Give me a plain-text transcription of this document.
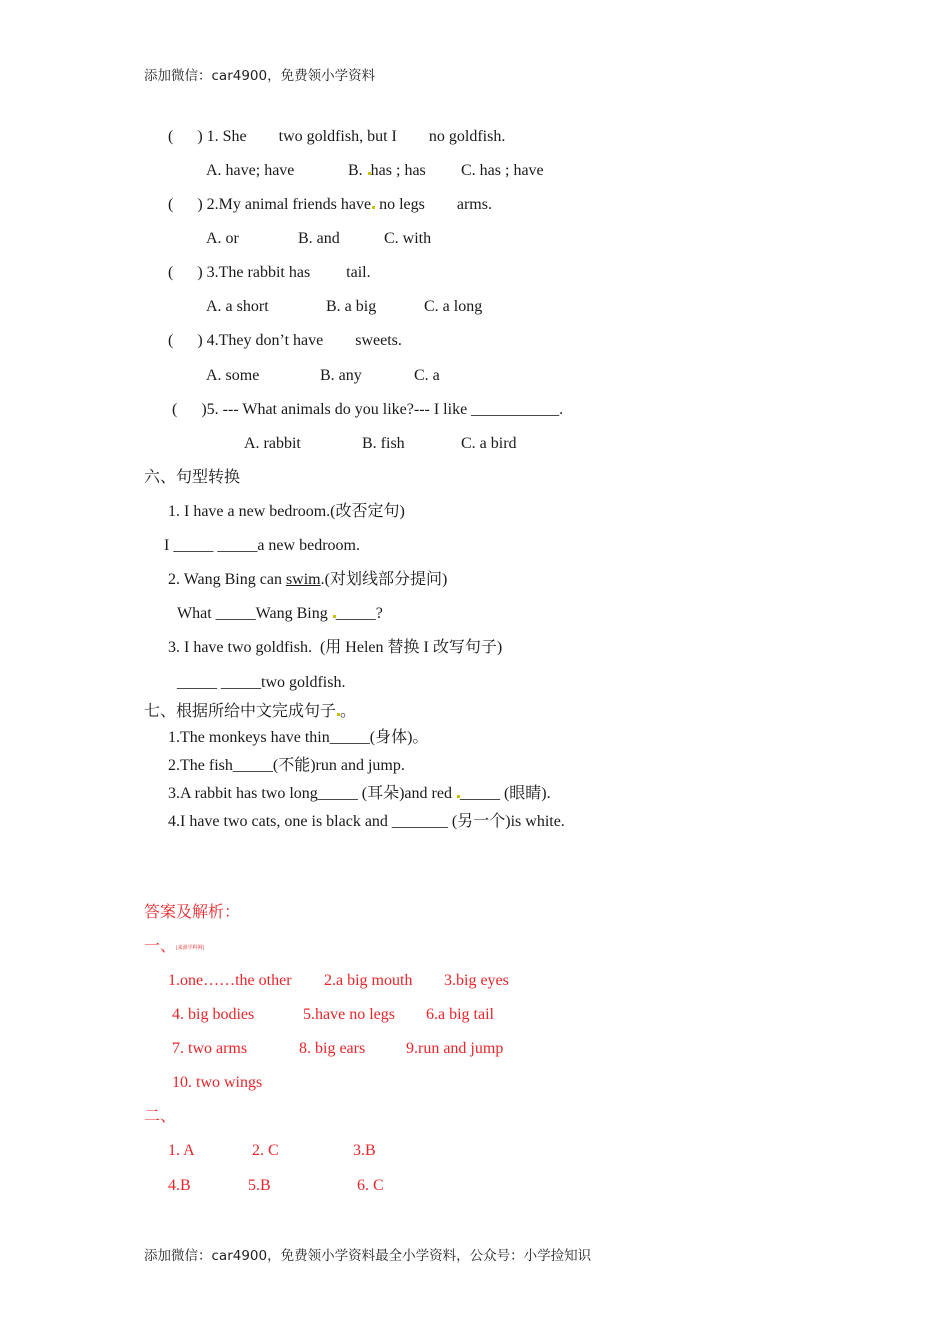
添加微信：car4900，免费领小学资料
(      ) 1. She        two goldfish, but I        no goldfish.
A. have; have	B. has ; has C. has ; have
(      ) 2.My animal friends have no legs        arms.
A. or	B. and	C. with
(      ) 3.The rabbit has         tail.
A. a short	B. a big	C. a long
(      ) 4.They don’t have        sweets.
A. some	B. any	C. a
(      )5. --- What animals do you like?--- I like ___________.
A. rabbit	B. fish	C. a bird
六、句型转换
1. I have a new bedroom.(改否定句)
I _____ _____a new bedroom.
2. Wang Bing can swim.(对划线部分提问)
What _____Wang Bing _____?
3. I have two goldfish.  (用 Helen 替换 I 改写句子)
_____ _____two goldfish.
七、根据所给中文完成句子 。
1.The monkeys have thin_____(身体)。
2.The fish_____(不能)run and jump.
3.A rabbit has two long_____ (耳朵)and red _____ (眼睛).
4.I have two cats, one is black and _______ (另一个)is white.
答案及解析：
一、[来源学科网]
1.one……the other 2.a big mouth 3.big eyes
4. big bodies	5.have no legs 6.a big tail
7. two arms	8. big ears	9.run and jump
10. two wings
二、
1. A	2. C	3.B
4.B	5.B	6. C
添加微信：car4900，免费领小学资料最全小学资料，公众号：小学捡知识
